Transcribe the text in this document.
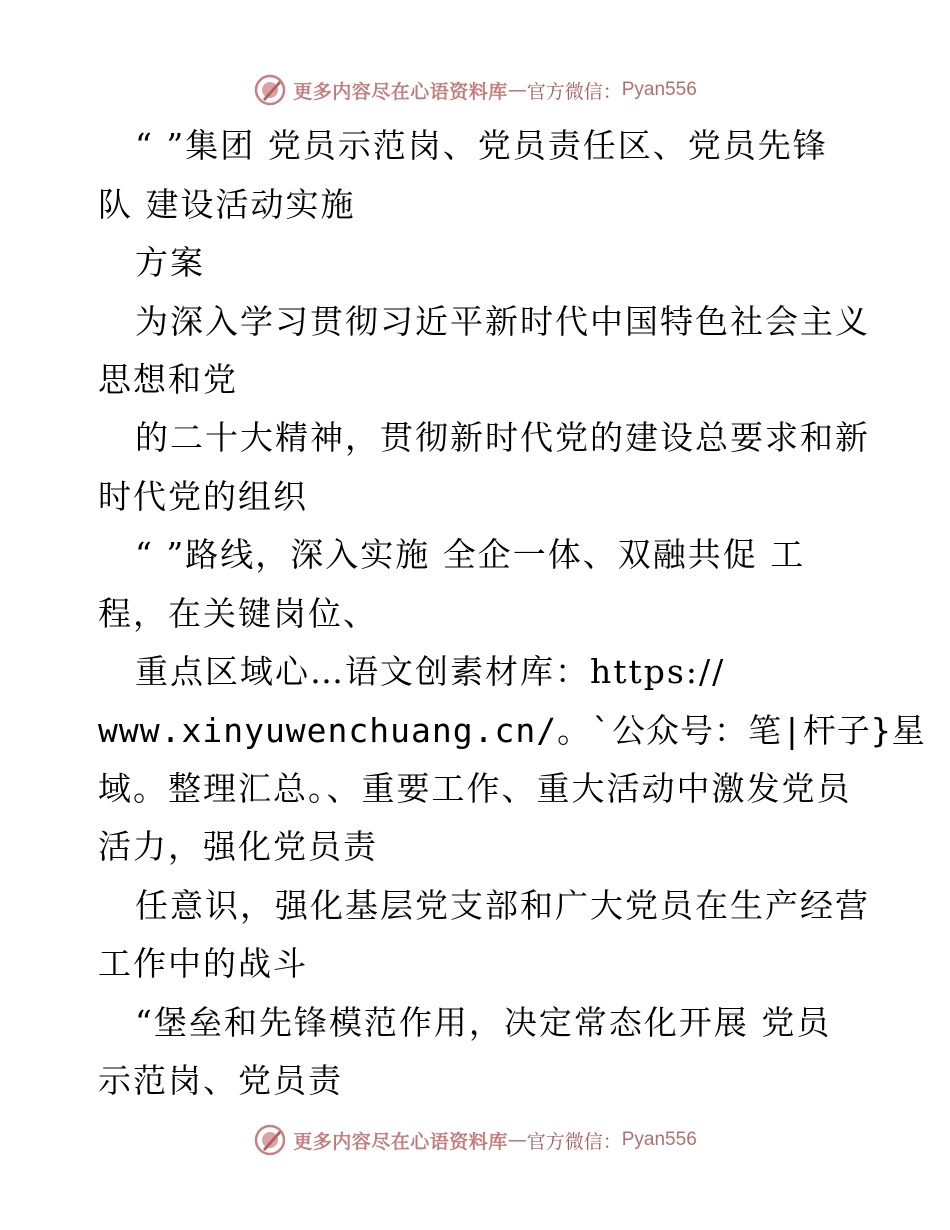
更多内容尽在心语资料库 — 官方微信： Pyan556
“ ”集团 党员示范岗、党员责任区、党员先锋
队 建设活动实施
方案
为深入学习贯彻习近平新时代中国特色社会主义
思想和党
的二十大精神，贯彻新时代党的建设总要求和新
时代党的组织
“ ”路线，深入实施 全企一体、双融共促 工
程，在关键岗位、
重点区域心…语文创素材库：https://
www.xinyuwenchuang.cn/。`公众号：笔|杆子}星
域。整理汇总。、重要工作、重大活动中激发党员
活力，强化党员责
任意识，强化基层党支部和广大党员在生产经营
工作中的战斗
“堡垒和先锋模范作用，决定常态化开展 党员
示范岗、党员责
更多内容尽在心语资料库 — 官方微信： Pyan556
